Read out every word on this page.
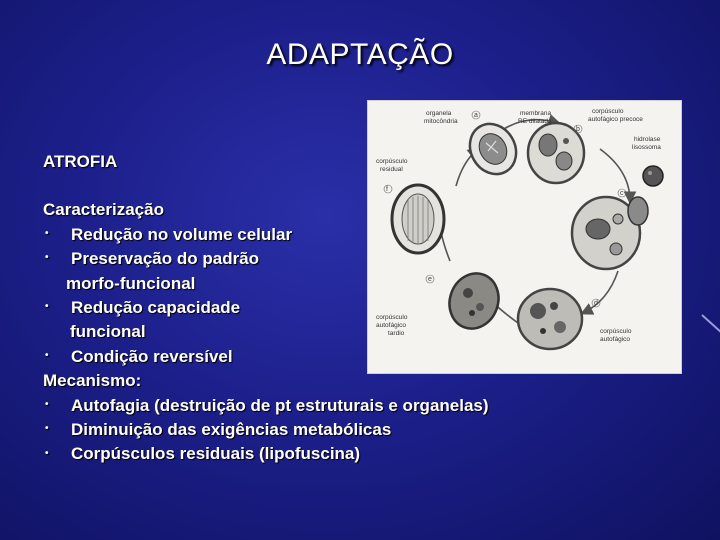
ADAPTAÇÃO
ATROFIA
Caracterização
• Redução no volume celular
• Preservação do padrão
morfo-funcional
• Redução capacidade
funcional
• Condição reversível
Mecanismo:
• Autofagia (destruição de pt estruturais e organelas)
• Diminuição das exigências metabólicas
• Corpúsculos residuais (lipofuscina)
a
b
c
d
e
f
organela
mitocôndria
membrana
RE dilatada
corpúsculo
autofágico precoce
hidrolase
lisossoma
corpúsculo
residual
corpúsculo
autofágico
tardio	corpúsculo
autofágico
